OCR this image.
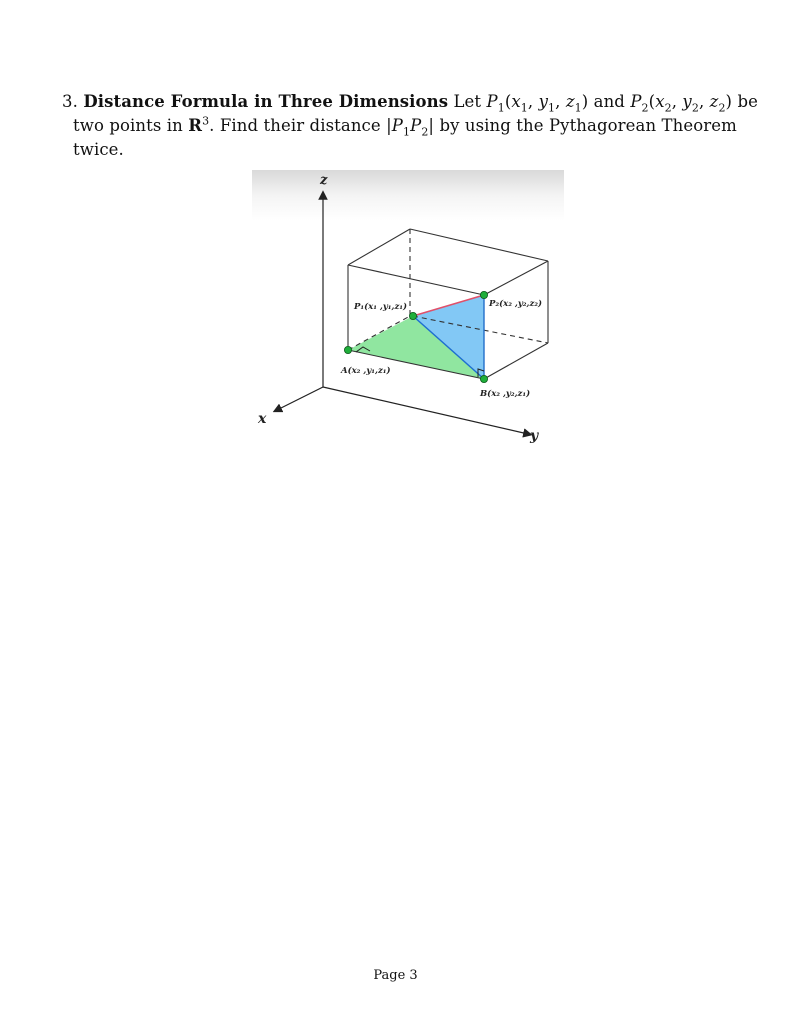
3. Distance Formula in Three Dimensions Let $P_1(x_1$, $y_1$, $z_1$) and $P_2(x_2$, $y_2$, $z_2$) be
two points in $R^3$. Find their distance $|P_1P_2|$ by using the Pythagorean Theorem
twice.
z
x
y
P₁(x₁ ,y₁,z₁)	P₂(x₂ ,y₂,z₂)
A(x₂ ,y₁,z₁)
B(x₂ ,y₂,z₁)
Page 3
